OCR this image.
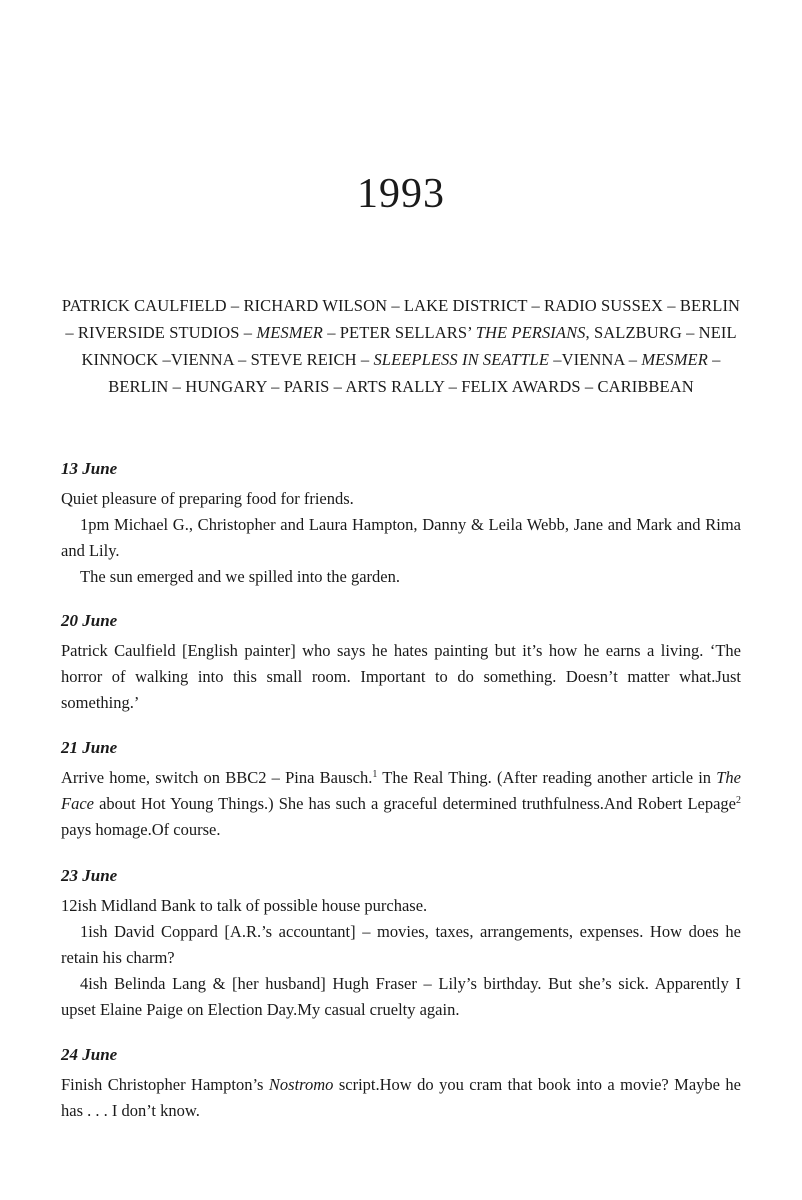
1993
PATRICK CAULFIELD – RICHARD WILSON – LAKE DISTRICT – RADIO SUSSEX – BERLIN – RIVERSIDE STUDIOS – MESMER – PETER SELLARS’ THE PERSIANS, SALZBURG – NEIL KINNOCK –VIENNA – STEVE REICH – SLEEPLESS IN SEATTLE –VIENNA – MESMER – BERLIN – HUNGARY – PARIS – ARTS RALLY – FELIX AWARDS – CARIBBEAN
13 June

Quiet pleasure of preparing food for friends.

1pm Michael G., Christopher and Laura Hampton, Danny & Leila Webb, Jane and Mark and Rima and Lily.

The sun emerged and we spilled into the garden.

20 June

Patrick Caulfield [English painter] who says he hates painting but it’s how he earns a living. ‘The horror of walking into this small room. Important to do something. Doesn’t matter what.Just something.’

21 June

Arrive home, switch on BBC2 – Pina Bausch.$^1$ The Real Thing. (After reading another article in The Face about Hot Young Things.) She has such a graceful determined truthfulness.And Robert Lepage$^2$ pays homage.Of course.

23 June

12ish Midland Bank to talk of possible house purchase.

1ish David Coppard [A.R.’s accountant] – movies, taxes, arrangements, expenses. How does he retain his charm?

4ish Belinda Lang & [her husband] Hugh Fraser – Lily’s birthday. But she’s sick. Apparently I upset Elaine Paige on Election Day.My casual cruelty again.

24 June

Finish Christopher Hampton’s Nostromo script.How do you cram that book into a movie? Maybe he has . . . I don’t know.
